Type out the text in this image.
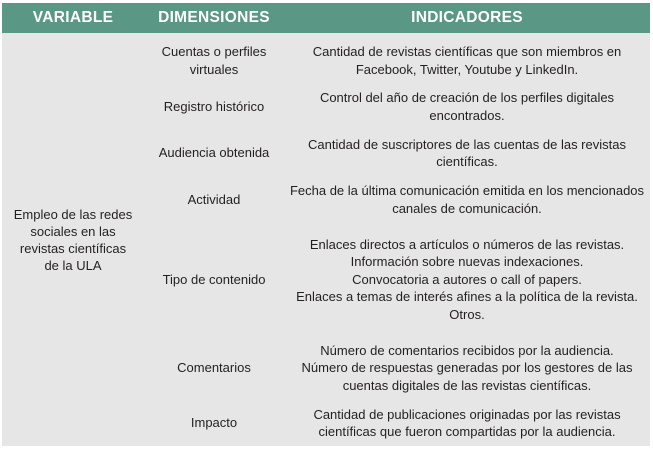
VARIABLE	DIMENSIONES	INDICADORES
Empleo de las redes sociales en las revistas científicas de la ULA
Cuentas o perfiles virtuales
Cantidad de revistas científicas que son miembros en Facebook, Twitter, Youtube y LinkedIn.
Registro histórico
Control del año de creación de los perfiles digitales encontrados.
Audiencia obtenida
Cantidad de suscriptores de las cuentas de las revistas científicas.
Actividad
Fecha de la última comunicación emitida en los mencionados canales de comunicación.
Tipo de contenido
Enlaces directos a artículos o números de las revistas.
Información sobre nuevas indexaciones.
Convocatoria a autores o call of papers.
Enlaces a temas de interés afines a la política de la revista.
Otros.
Comentarios
Número de comentarios recibidos por la audiencia.
Número de respuestas generadas por los gestores de las cuentas digitales de las revistas científicas.
Impacto
Cantidad de publicaciones originadas por las revistas científicas que fueron compartidas por la audiencia.
